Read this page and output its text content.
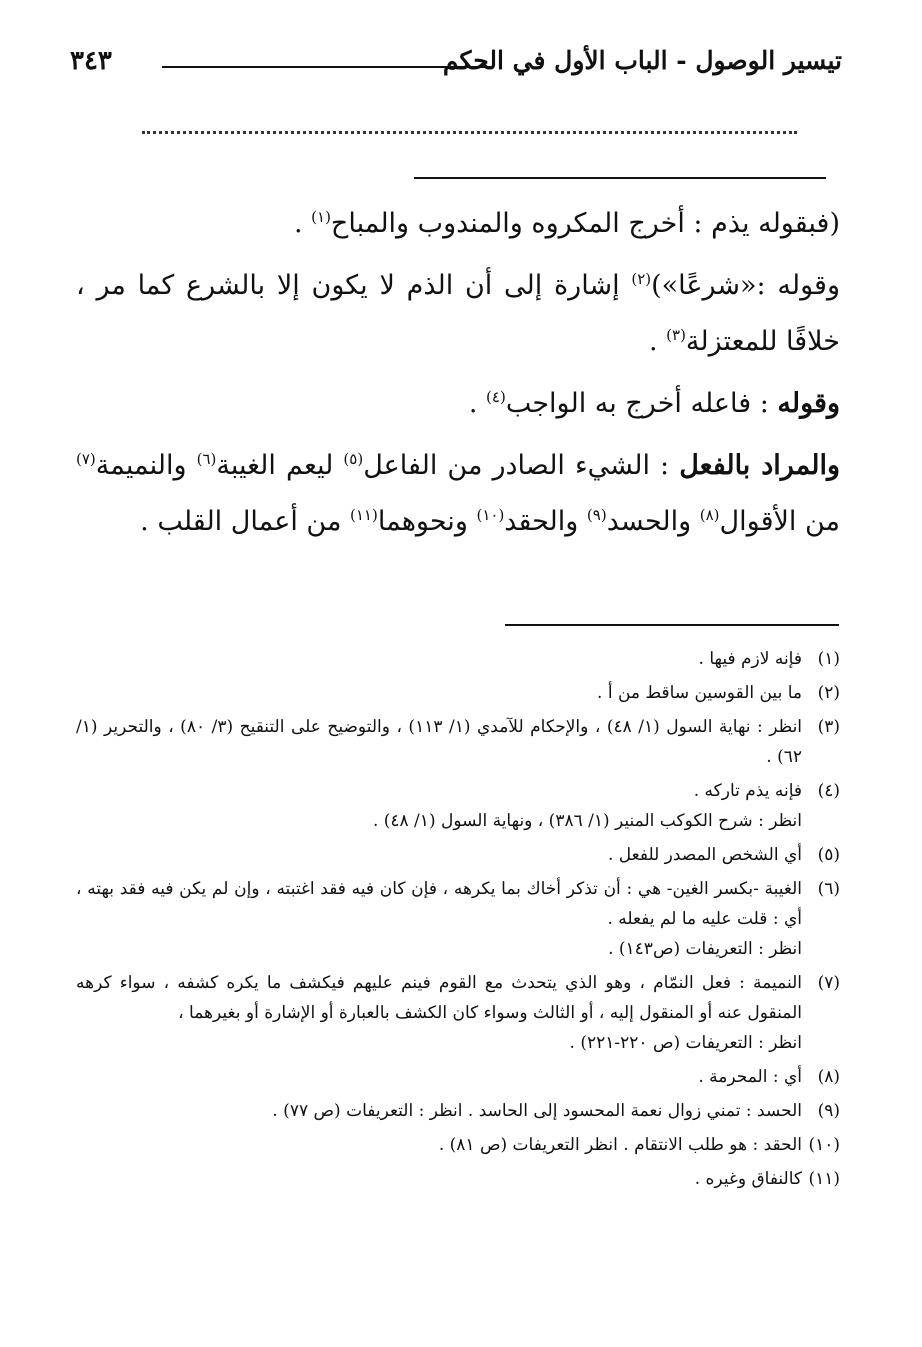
تيسير الوصول - الباب الأول في الحكم
٣٤٣

(فبقوله يذم : أخرج المكروه والمندوب والمباح$^{(١)}$ .

وقوله :«شرعًا»)$^{(٢)}$ إشارة إلى أن الذم لا يكون إلا بالشرع كما مر ، خلافًا للمعتزلة$^{(٣)}$ .

وقوله : فاعله أخرج به الواجب$^{(٤)}$ .

والمراد بالفعل : الشيء الصادر من الفاعل$^{(٥)}$ ليعم الغيبة$^{(٦)}$ والنميمة$^{(٧)}$ من الأقوال$^{(٨)}$ والحسد$^{(٩)}$ والحقد$^{(١٠)}$ ونحوهما$^{(١١)}$ من أعمال القلب .

(١)
فإنه لازم فيها .
(٢)
ما بين القوسين ساقط من أ .
(٣)
انظر : نهاية السول (١/ ٤٨) ، والإحكام للآمدي (١/ ١١٣) ، والتوضيح على التنقيح (٣/ ٨٠) ، والتحرير (١/ ٦٢) .
(٤)
فإنه يذم تاركه .
انظر : شرح الكوكب المنير (١/ ٣٨٦) ، ونهاية السول (١/ ٤٨) .
(٥)
أي الشخص المصدر للفعل .
(٦)
الغيبة -بكسر الغين- هي : أن تذكر أخاك بما يكرهه ، فإن كان فيه فقد اغتبته ، وإن لم يكن فيه فقد بهته ، أي : قلت عليه ما لم يفعله .
انظر : التعريفات (ص١٤٣) .
(٧)
النميمة : فعل النمّام ، وهو الذي يتحدث مع القوم فينم عليهم فيكشف ما يكره كشفه ، سواء كرهه المنقول عنه أو المنقول إليه ، أو الثالث وسواء كان الكشف بالعبارة أو الإشارة أو بغيرهما ،
انظر : التعريفات (ص ٢٢٠-٢٢١) .
(٨)
أي : المحرمة .
(٩)
الحسد : تمني زوال نعمة المحسود إلى الحاسد . انظر : التعريفات (ص ٧٧) .
(١٠)
الحقد : هو طلب الانتقام . انظر التعريفات (ص ٨١) .
(١١)
كالنفاق وغيره .
